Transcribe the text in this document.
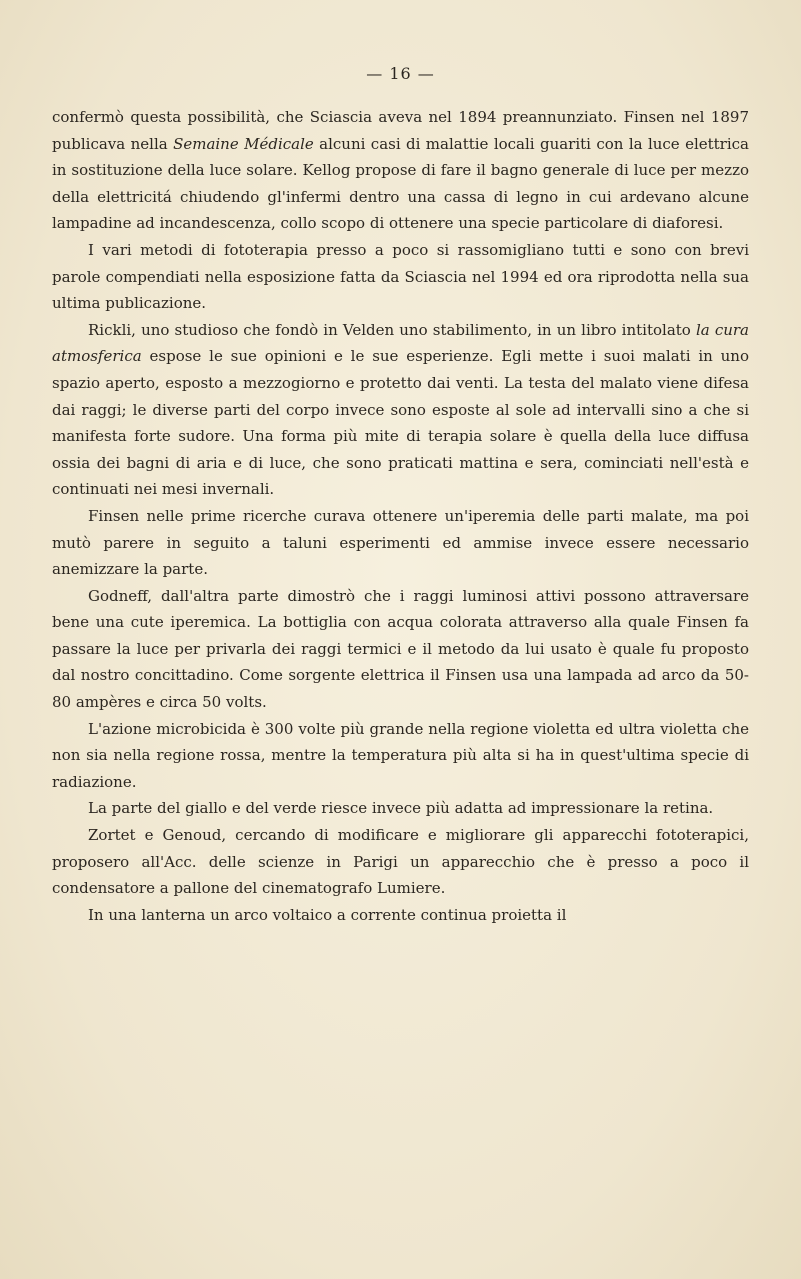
— 16 —

confermò questa possibilità, che Sciascia aveva nel 1894 preannunziato. Finsen nel 1897 publicava nella Semaine Médicale alcuni casi di malattie locali guariti con la luce elettrica in sostituzione della luce solare. Kellog propose di fare il bagno generale di luce per mezzo della elettricitá chiudendo gl'infermi dentro una cassa di legno in cui ardevano alcune lampadine ad incandescenza, collo scopo di ottenere una specie particolare di diaforesi.

I vari metodi di fototerapia presso a poco si rassomigliano tutti e sono con brevi parole compendiati nella esposizione fatta da Sciascia nel 1994 ed ora riprodotta nella sua ultima publicazione.

Rickli, uno studioso che fondò in Velden uno stabilimento, in un libro intitolato la cura atmosferica espose le sue opinioni e le sue esperienze. Egli mette i suoi malati in uno spazio aperto, esposto a mezzogiorno e protetto dai venti. La testa del malato viene difesa dai raggi; le diverse parti del corpo invece sono esposte al sole ad intervalli sino a che si manifesta forte sudore. Una forma più mite di terapia solare è quella della luce diffusa ossia dei bagni di aria e di luce, che sono praticati mattina e sera, cominciati nell'està e continuati nei mesi invernali.

Finsen nelle prime ricerche curava ottenere un'iperemia delle parti malate, ma poi mutò parere in seguito a taluni esperimenti ed ammise invece essere necessario anemizzare la parte.

Godneff, dall'altra parte dimostrò che i raggi luminosi attivi possono attraversare bene una cute iperemica. La bottiglia con acqua colorata attraverso alla quale Finsen fa passare la luce per privarla dei raggi termici e il metodo da lui usato è quale fu proposto dal nostro concittadino. Come sorgente elettrica il Finsen usa una lampada ad arco da 50-80 ampères e circa 50 volts.

L'azione microbicida è 300 volte più grande nella regione violetta ed ultra violetta che non sia nella regione rossa, mentre la temperatura più alta si ha in quest'ultima specie di radiazione.

La parte del giallo e del verde riesce invece più adatta ad impressionare la retina.

Zortet e Genoud, cercando di modificare e migliorare gli apparecchi fototerapici, proposero all'Acc. delle scienze in Parigi un apparecchio che è presso a poco il condensatore a pallone del cinematografo Lumiere.

In una lanterna un arco voltaico a corrente continua proietta il
